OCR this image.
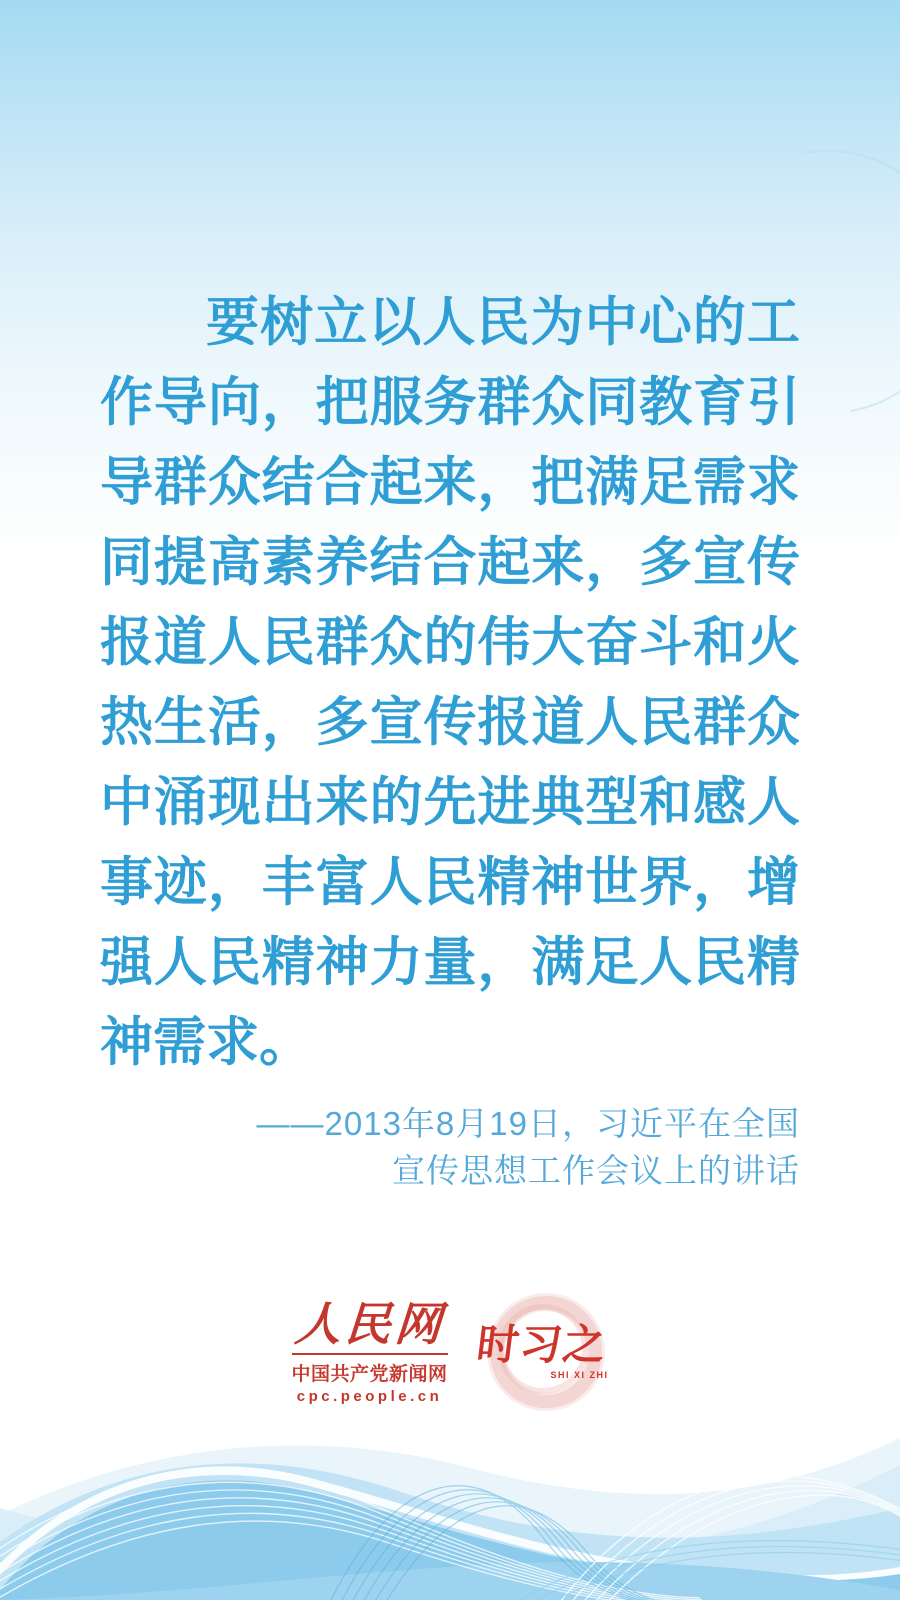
要树立以人民为中心的工
作导向，把服务群众同教育引
导群众结合起来，把满足需求
同提高素养结合起来，多宣传
报道人民群众的伟大奋斗和火
热生活，多宣传报道人民群众
中涌现出来的先进典型和感人
事迹，丰富人民精神世界，增
强人民精神力量，满足人民精
神需求。
——2013年8月19日，习近平在全国
宣传思想工作会议上的讲话
人民网
中国共产党新闻网
cpc.people.cn
时习之
SHI XI ZHI
